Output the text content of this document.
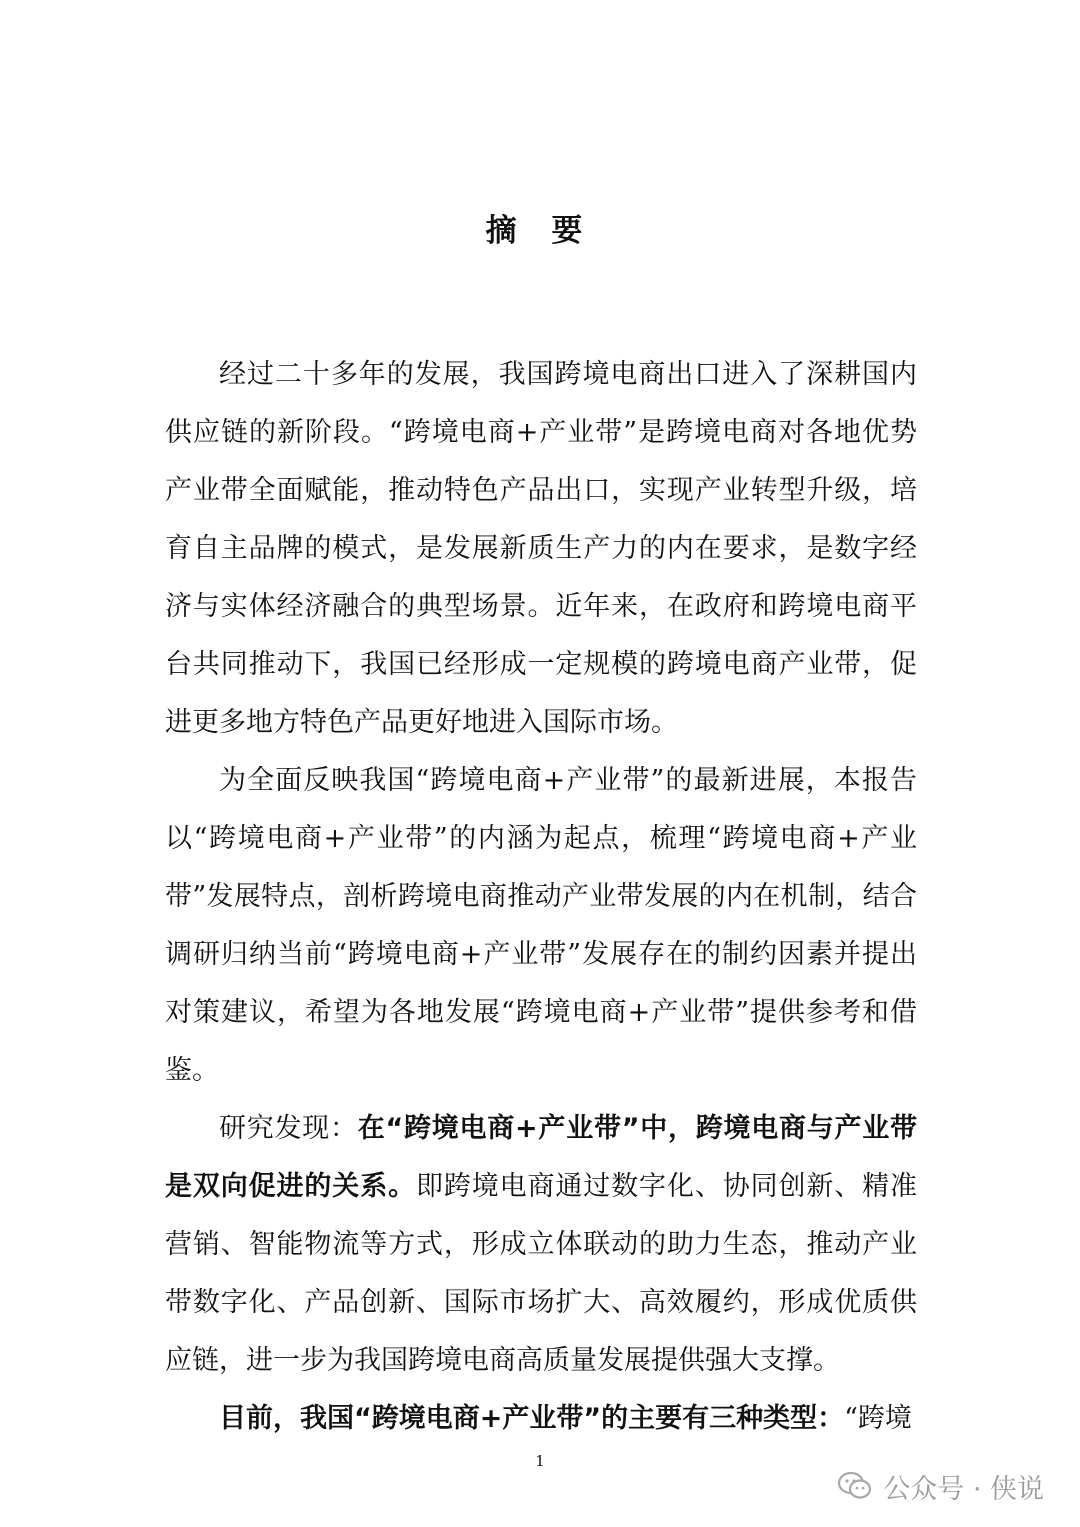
摘 要

经过二十多年的发展，我国跨境电商出口进入了深耕国内供应链的新阶段。“跨境电商+产业带”是跨境电商对各地优势产业带全面赋能，推动特色产品出口，实现产业转型升级，培育自主品牌的模式，是发展新质生产力的内在要求，是数字经济与实体经济融合的典型场景。近年来，在政府和跨境电商平台共同推动下，我国已经形成一定规模的跨境电商产业带，促进更多地方特色产品更好地进入国际市场。

为全面反映我国“跨境电商+产业带”的最新进展，本报告以“跨境电商+产业带”的内涵为起点，梳理“跨境电商+产业带”发展特点，剖析跨境电商推动产业带发展的内在机制，结合调研归纳当前“跨境电商+产业带”发展存在的制约因素并提出对策建议，希望为各地发展“跨境电商+产业带”提供参考和借鉴。

研究发现：在“跨境电商+产业带”中，跨境电商与产业带是双向促进的关系。即跨境电商通过数字化、协同创新、精准营销、智能物流等方式，形成立体联动的助力生态，推动产业带数字化、产品创新、国际市场扩大、高效履约，形成优质供应链，进一步为我国跨境电商高质量发展提供强大支撑。

目前，我国“跨境电商+产业带”的主要有三种类型：“跨境

1
公众号 · 侠说
